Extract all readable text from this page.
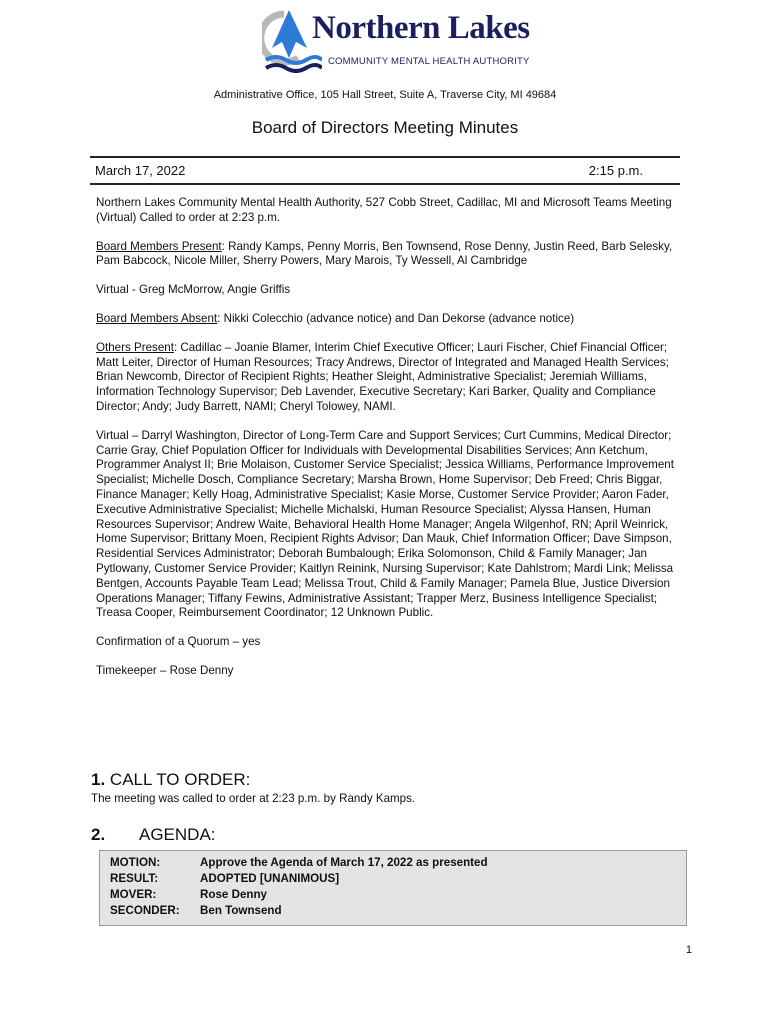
Northern Lakes
COMMUNITY MENTAL HEALTH AUTHORITY
Administrative Office, 105 Hall Street, Suite A, Traverse City, MI 49684
Board of Directors Meeting Minutes
March 17, 2022	2:15 p.m.

Northern Lakes Community Mental Health Authority, 527 Cobb Street, Cadillac, MI and Microsoft Teams Meeting (Virtual) Called to order at 2:23 p.m.

Board Members Present: Randy Kamps, Penny Morris, Ben Townsend, Rose Denny, Justin Reed, Barb Selesky, Pam Babcock, Nicole Miller, Sherry Powers, Mary Marois, Ty Wessell, Al Cambridge

Virtual - Greg McMorrow, Angie Griffis

Board Members Absent: Nikki Colecchio (advance notice) and Dan Dekorse (advance notice)

Others Present: Cadillac – Joanie Blamer, Interim Chief Executive Officer; Lauri Fischer, Chief Financial Officer; Matt Leiter, Director of Human Resources; Tracy Andrews, Director of Integrated and Managed Health Services; Brian Newcomb, Director of Recipient Rights; Heather Sleight, Administrative Specialist; Jeremiah Williams, Information Technology Supervisor; Deb Lavender, Executive Secretary; Kari Barker, Quality and Compliance Director; Andy; Judy Barrett, NAMI; Cheryl Tolowey, NAMI.

Virtual – Darryl Washington, Director of Long-Term Care and Support Services; Curt Cummins, Medical Director; Carrie Gray, Chief Population Officer for Individuals with Developmental Disabilities Services; Ann Ketchum, Programmer Analyst II; Brie Molaison, Customer Service Specialist; Jessica Williams, Performance Improvement Specialist; Michelle Dosch, Compliance Secretary; Marsha Brown, Home Supervisor; Deb Freed; Chris Biggar, Finance Manager; Kelly Hoag, Administrative Specialist; Kasie Morse, Customer Service Provider; Aaron Fader, Executive Administrative Specialist; Michelle Michalski, Human Resource Specialist; Alyssa Hansen, Human Resources Supervisor; Andrew Waite, Behavioral Health Home Manager; Angela Wilgenhof, RN; April Weinrick, Home Supervisor; Brittany Moen, Recipient Rights Advisor; Dan Mauk, Chief Information Officer; Dave Simpson, Residential Services Administrator; Deborah Bumbalough; Erika Solomonson, Child & Family Manager; Jan Pytlowany, Customer Service Provider; Kaitlyn Reinink, Nursing Supervisor; Kate Dahlstrom; Mardi Link; Melissa Bentgen, Accounts Payable Team Lead; Melissa Trout, Child & Family Manager; Pamela Blue, Justice Diversion Operations Manager; Tiffany Fewins, Administrative Assistant; Trapper Merz, Business Intelligence Specialist; Treasa Cooper, Reimbursement Coordinator; 12 Unknown Public.

Confirmation of a Quorum – yes

Timekeeper – Rose Denny

1. CALL TO ORDER:
The meeting was called to order at 2:23 p.m. by Randy Kamps.
2. AGENDA:
MOTION:	Approve the Agenda of March 17, 2022 as presented
RESULT:	ADOPTED [UNANIMOUS]
MOVER:	Rose Denny
SECONDER: Ben Townsend
1
